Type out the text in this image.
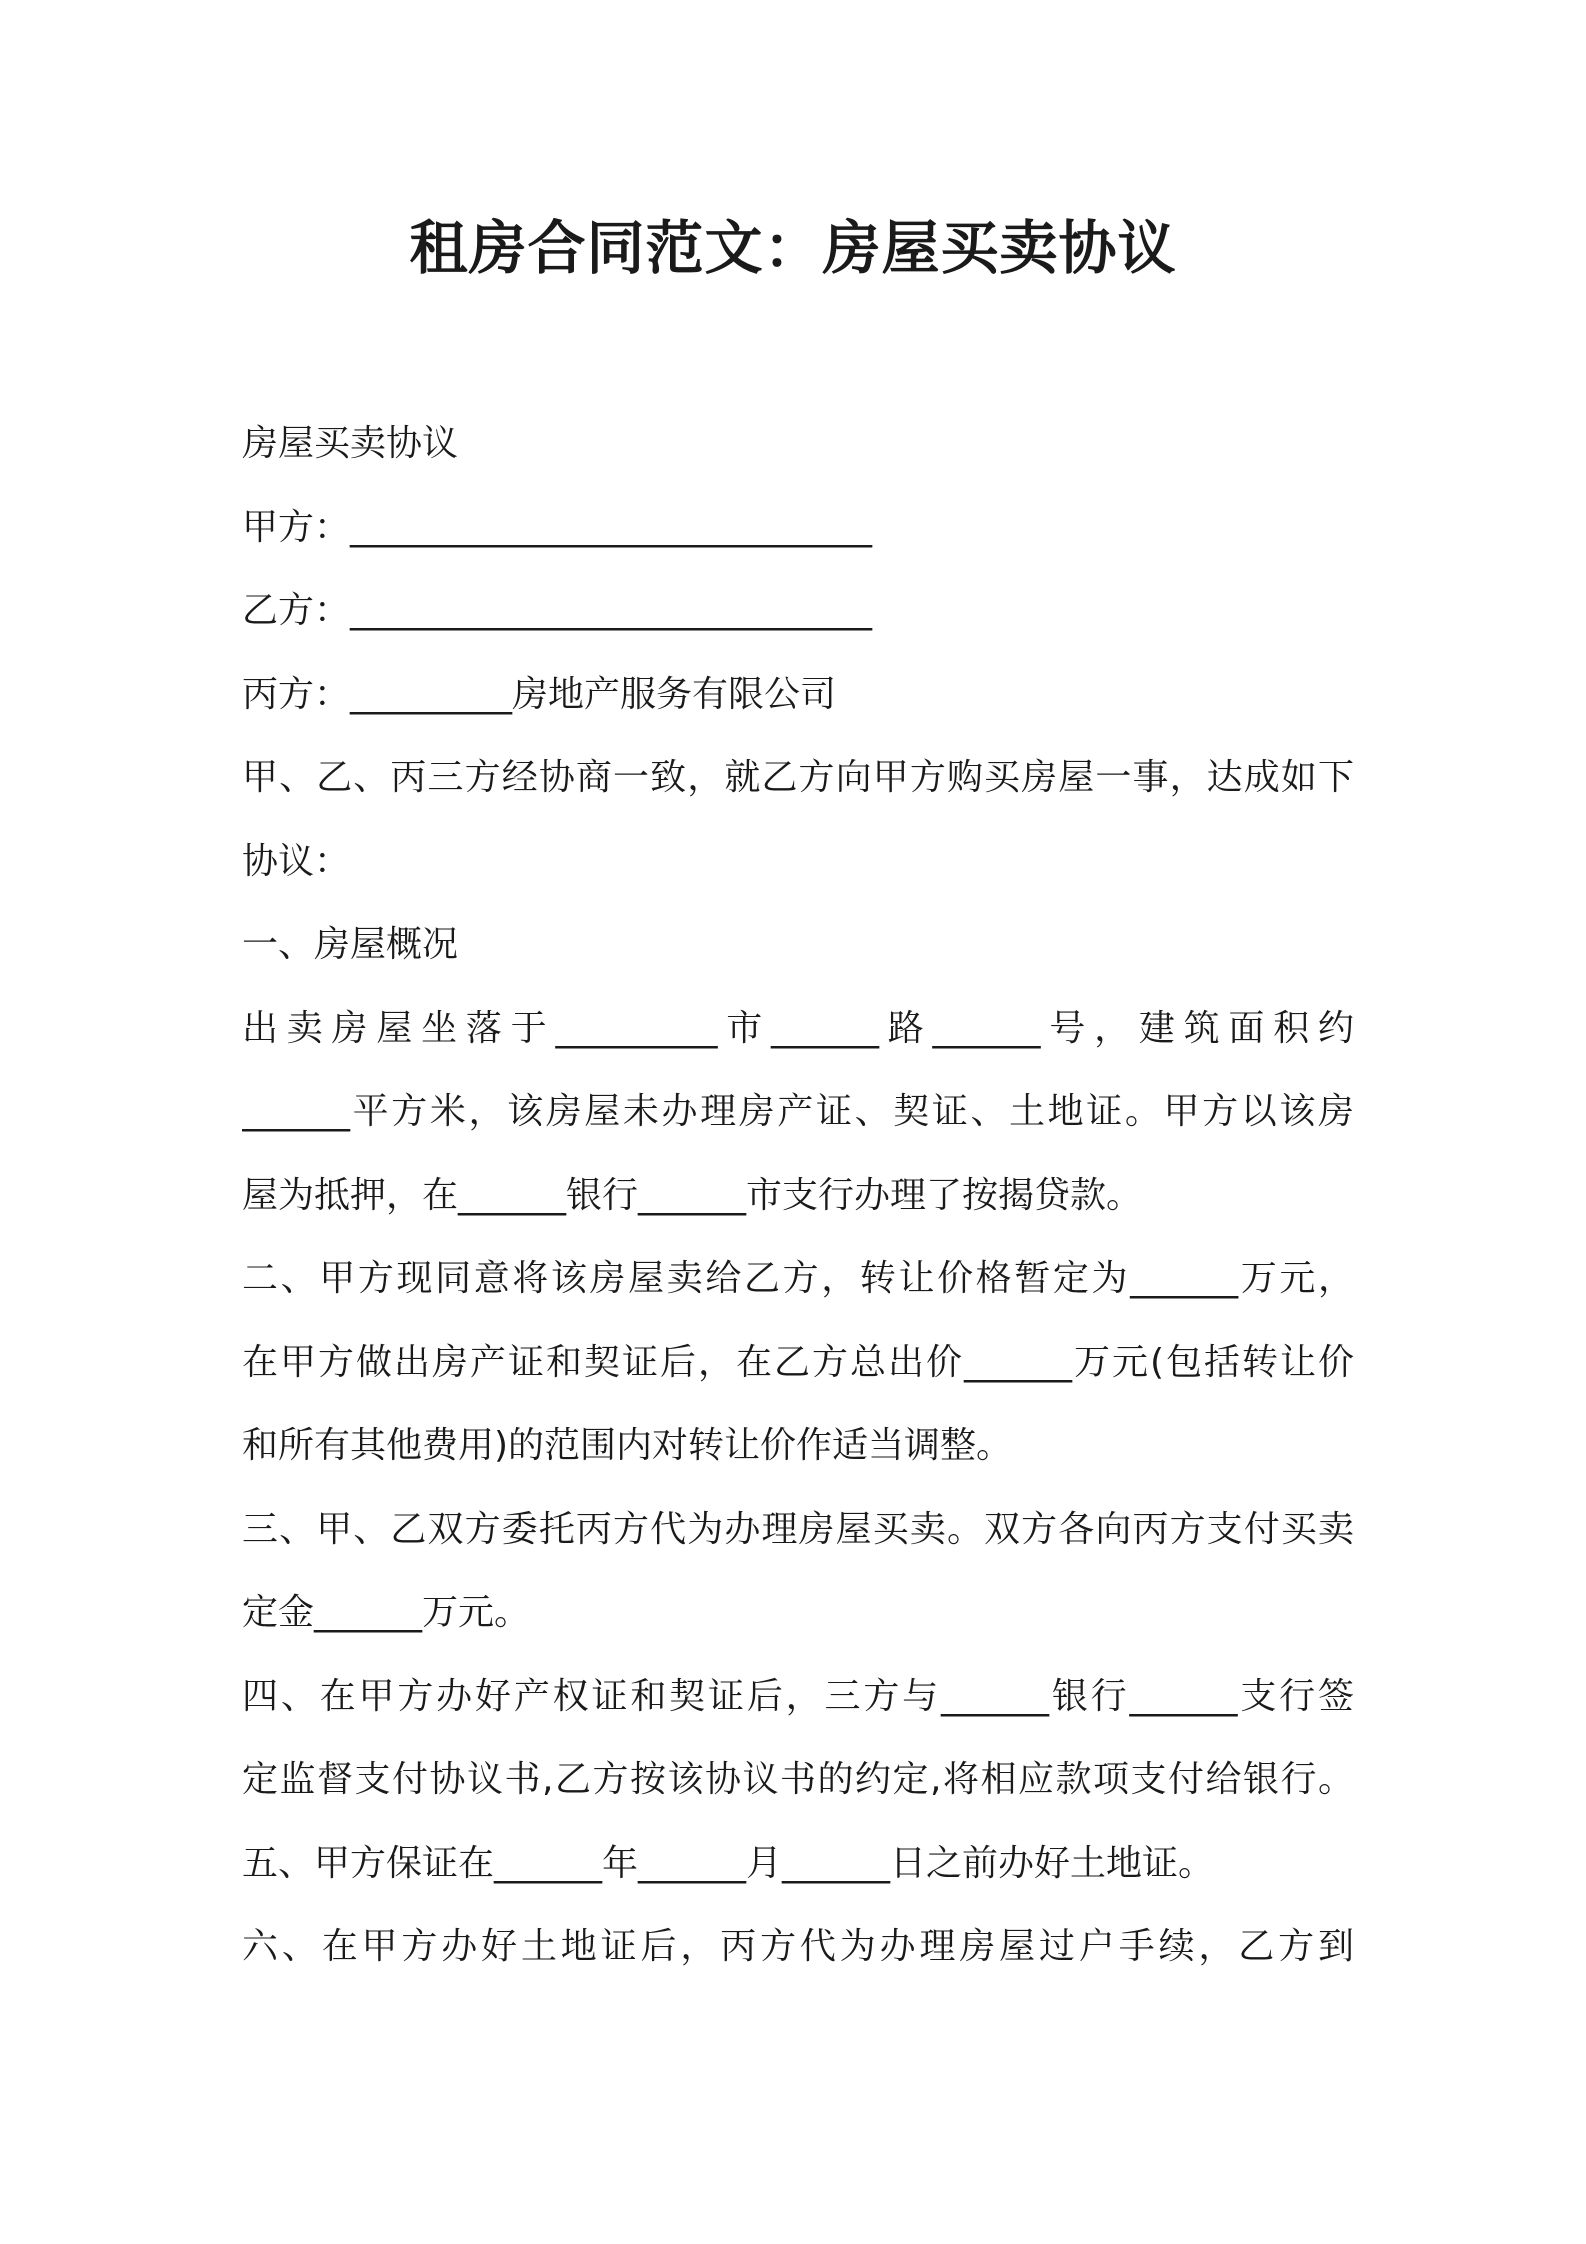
租房合同范文：房屋买卖协议
房屋买卖协议
甲方：_____________________________
乙方：_____________________________
丙方：_________房地产服务有限公司
甲、乙、丙三方经协商一致，就乙方向甲方购买房屋一事，达成如下
协议：
一、房屋概况
出卖房屋坐落于_________市______路______号，建筑面积约
______平方米，该房屋未办理房产证、契证、土地证。甲方以该房
屋为抵押，在______银行______市支行办理了按揭贷款。
二、甲方现同意将该房屋卖给乙方，转让价格暂定为______万元，
在甲方做出房产证和契证后，在乙方总出价______万元(包括转让价
和所有其他费用)的范围内对转让价作适当调整。
三、甲、乙双方委托丙方代为办理房屋买卖。双方各向丙方支付买卖
定金______万元。
四、在甲方办好产权证和契证后，三方与______银行______支行签
定监督支付协议书,乙方按该协议书的约定,将相应款项支付给银行。
五、甲方保证在______年______月______日之前办好土地证。
六、在甲方办好土地证后，丙方代为办理房屋过户手续，乙方到
